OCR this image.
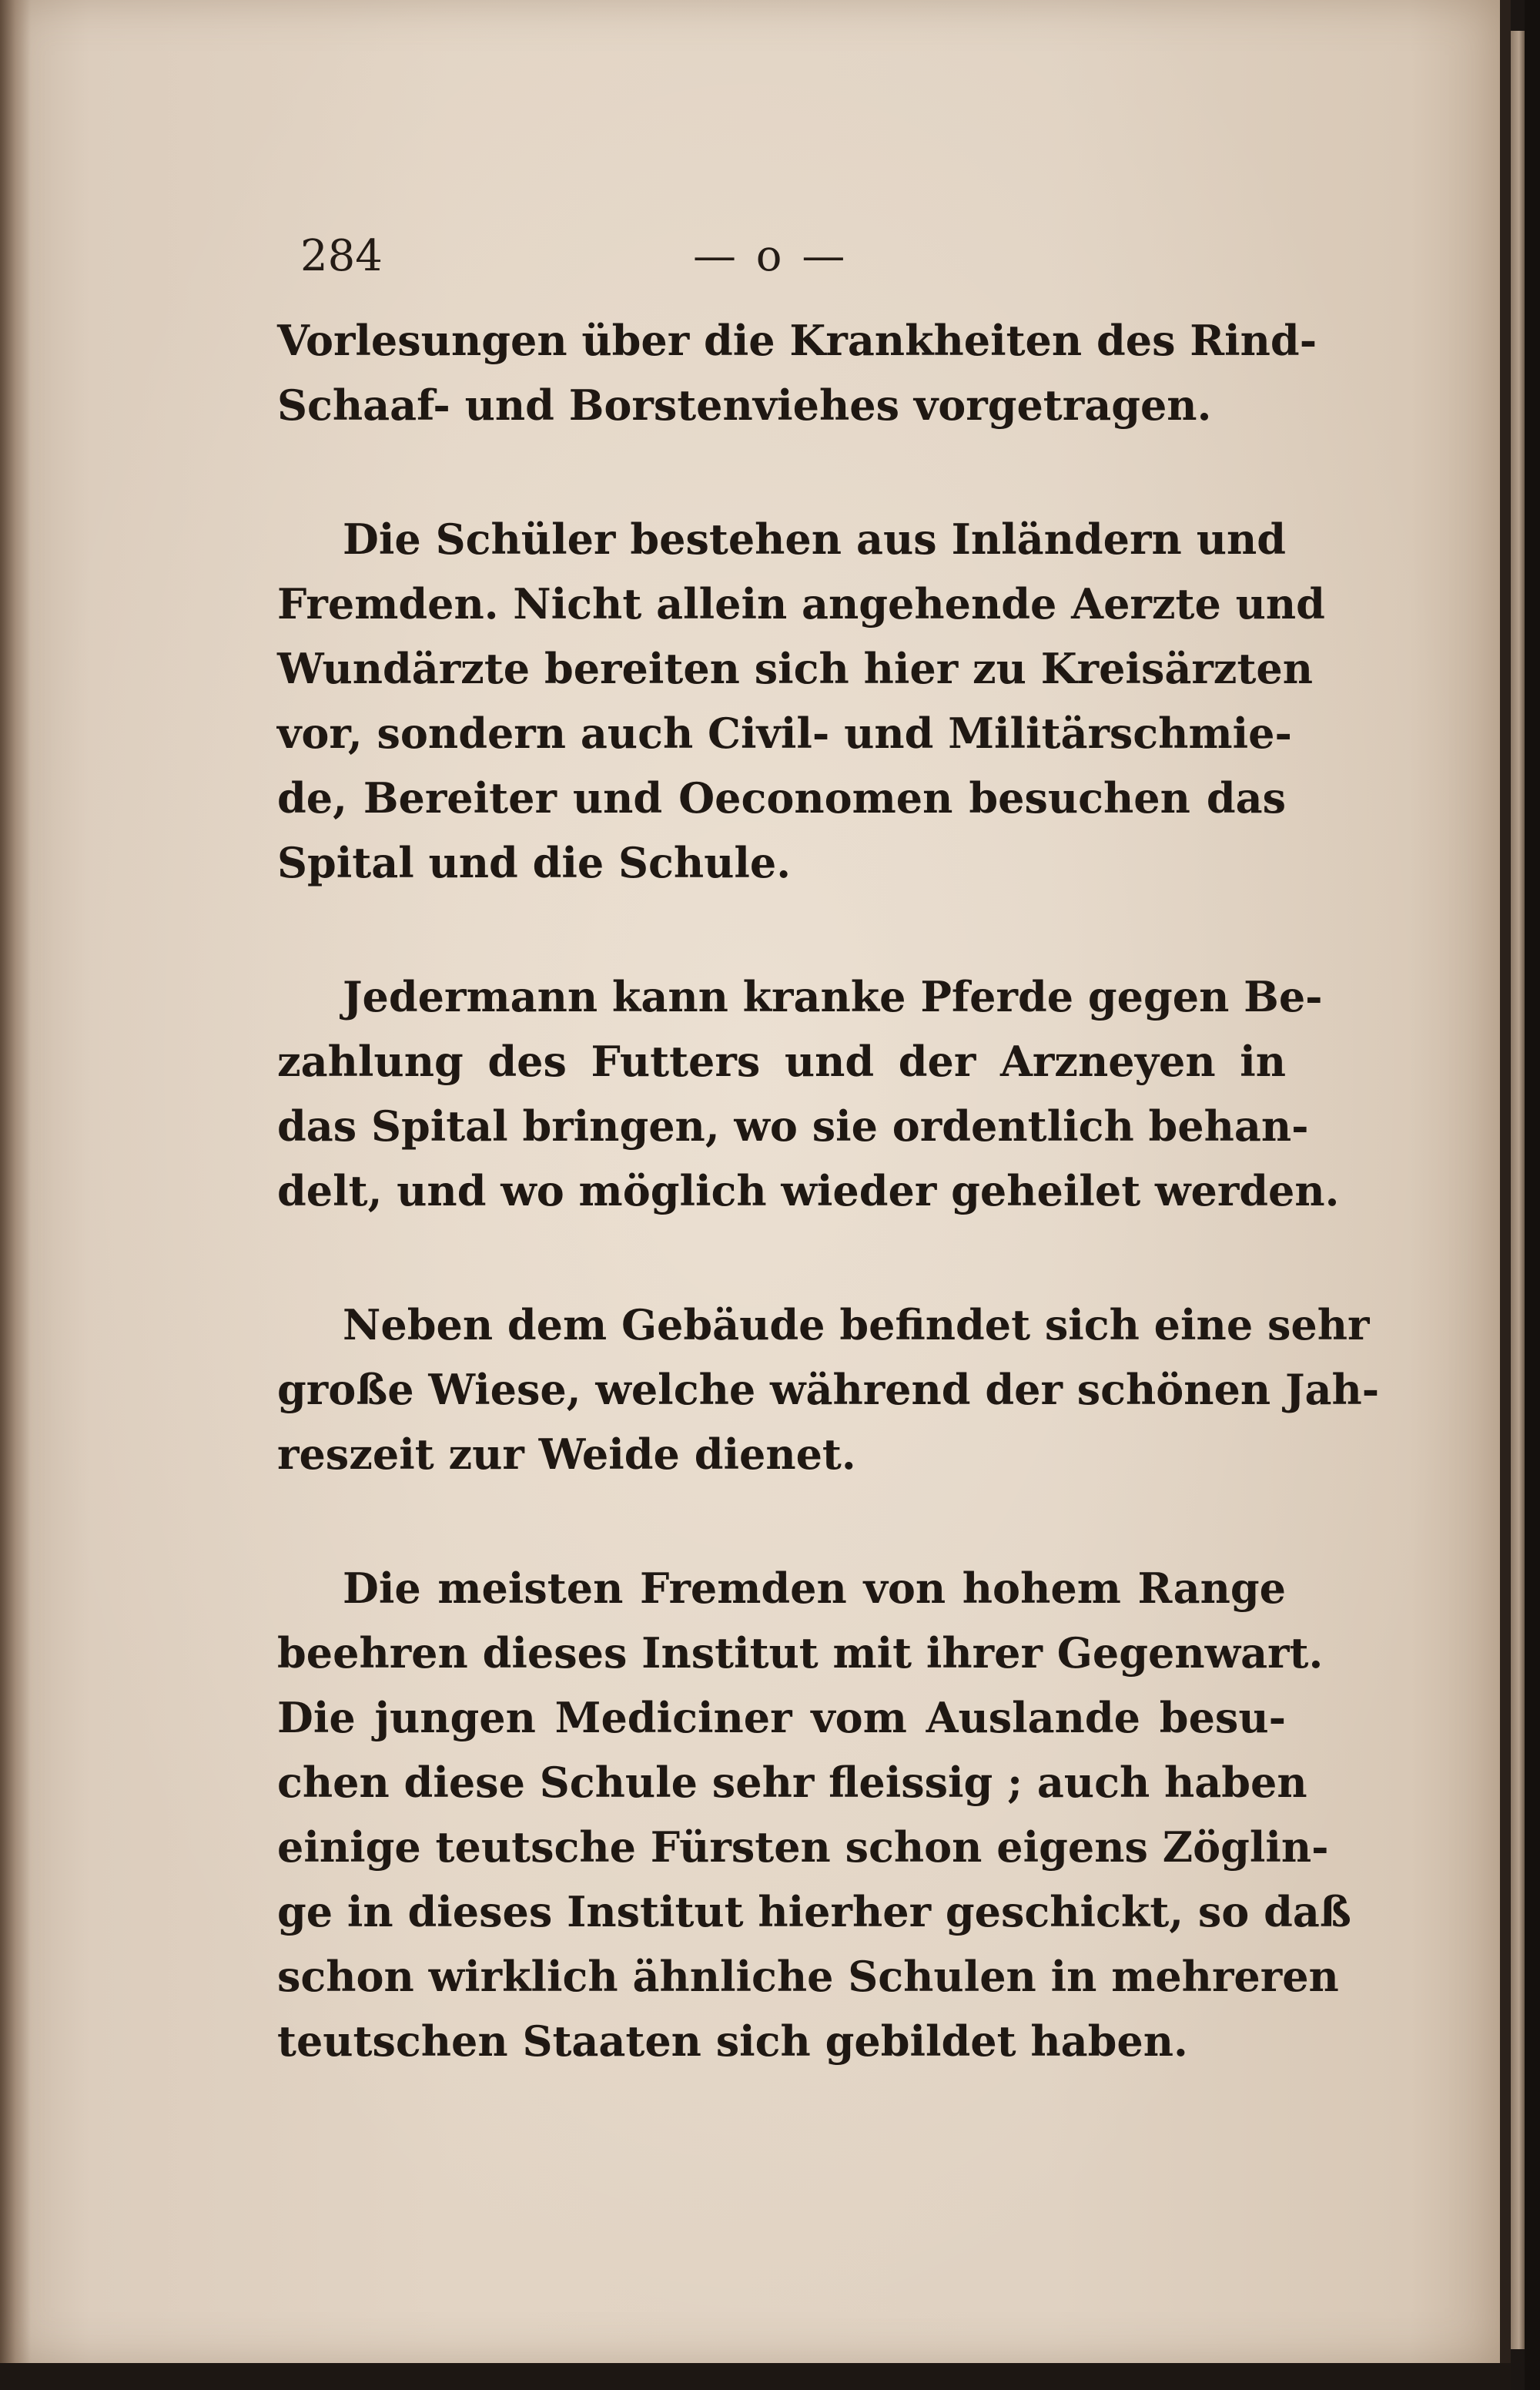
284	— o —
Vorlesungen über die Krankheiten des Rind-
Schaaf- und Borstenviehes vorgetragen.
Die Schüler bestehen aus Inländern und
Fremden. Nicht allein angehende Aerzte und
Wundärzte bereiten sich hier zu Kreisärzten
vor, sondern auch Civil- und Militärschmie-
de, Bereiter und Oeconomen besuchen das
Spital und die Schule.
Jedermann kann kranke Pferde gegen Be-
zahlung des Futters und der Arzneyen in
das Spital bringen, wo sie ordentlich behan-
delt, und wo möglich wieder geheilet werden.
Neben dem Gebäude befindet sich eine sehr
große Wiese, welche während der schönen Jah-
reszeit zur Weide dienet.
Die meisten Fremden von hohem Range
beehren dieses Institut mit ihrer Gegenwart.
Die jungen Mediciner vom Auslande besu-
chen diese Schule sehr fleissig ; auch haben
einige teutsche Fürsten schon eigens Zöglin-
ge in dieses Institut hierher geschickt, so daß
schon wirklich ähnliche Schulen in mehreren
teutschen Staaten sich gebildet haben.
